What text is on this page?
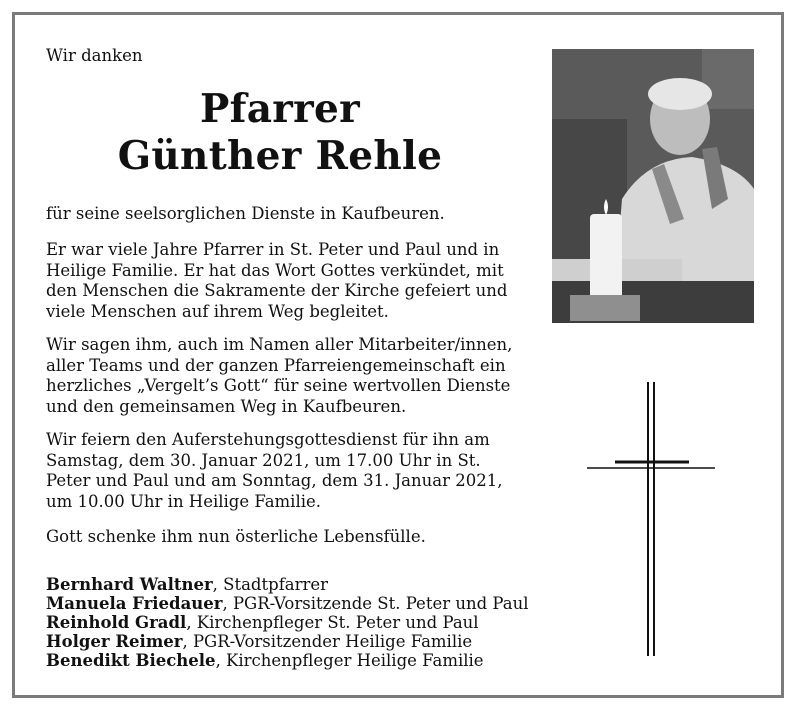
Wir danken
Pfarrer
Günther Rehle

für seine seelsorglichen Dienste in Kaufbeuren.

Er war viele Jahre Pfarrer in St. Peter und Paul und in Heilige Familie. Er hat das Wort Gottes verkündet, mit den Menschen die Sakramente der Kirche gefeiert und viele Menschen auf ihrem Weg begleitet.

Wir sagen ihm, auch im Namen aller Mitarbeiter/innen, aller Teams und der ganzen Pfarreiengemeinschaft ein herzliches „Vergelt’s Gott“ für seine wertvollen Dienste und den gemeinsamen Weg in Kaufbeuren.

Wir feiern den Auferstehungsgottesdienst für ihn am Samstag, dem 30. Januar 2021, um 17.00 Uhr in St. Peter und Paul und am Sonntag, dem 31. Januar 2021, um 10.00 Uhr in Heilige Familie.

Gott schenke ihm nun österliche Lebensfülle.

Bernhard Waltner, Stadtpfarrer
Manuela Friedauer, PGR-Vorsitzende St. Peter und Paul
Reinhold Gradl, Kirchenpfleger St. Peter und Paul
Holger Reimer, PGR-Vorsitzender Heilige Familie
Benedikt Biechele, Kirchenpfleger Heilige Familie
